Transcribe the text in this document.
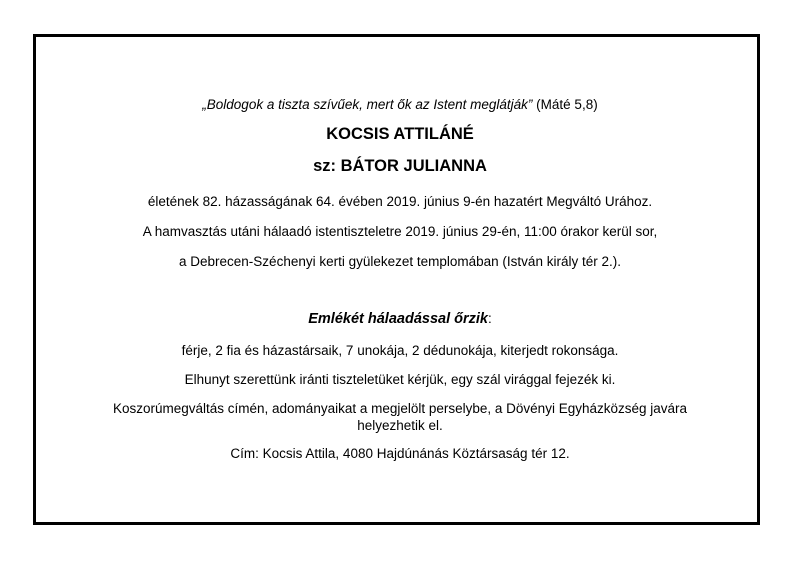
„Boldogok a tiszta szívűek, mert ők az Istent meglátják” (Máté 5,8)
KOCSIS ATTILÁNÉ
sz: BÁTOR JULIANNA
életének 82. házasságának 64. évében 2019. június 9-én hazatért Megváltó Urához.
A hamvasztás utáni hálaadó istentiszteletre 2019. június 29-én, 11:00 órakor kerül sor,
a Debrecen-Széchenyi kerti gyülekezet templomában (István király tér 2.).
Emlékét hálaadással őrzik:
férje, 2 fia és házastársaik, 7 unokája, 2 dédunokája, kiterjedt rokonsága.
Elhunyt szerettünk iránti tiszteletüket kérjük, egy szál virággal fejezék ki.
Koszorúmegváltás címén, adományaikat a megjelölt perselybe, a Dövényi Egyházközség javára
helyezhetik el.
Cím: Kocsis Attila, 4080 Hajdúnánás Köztársaság tér 12.
